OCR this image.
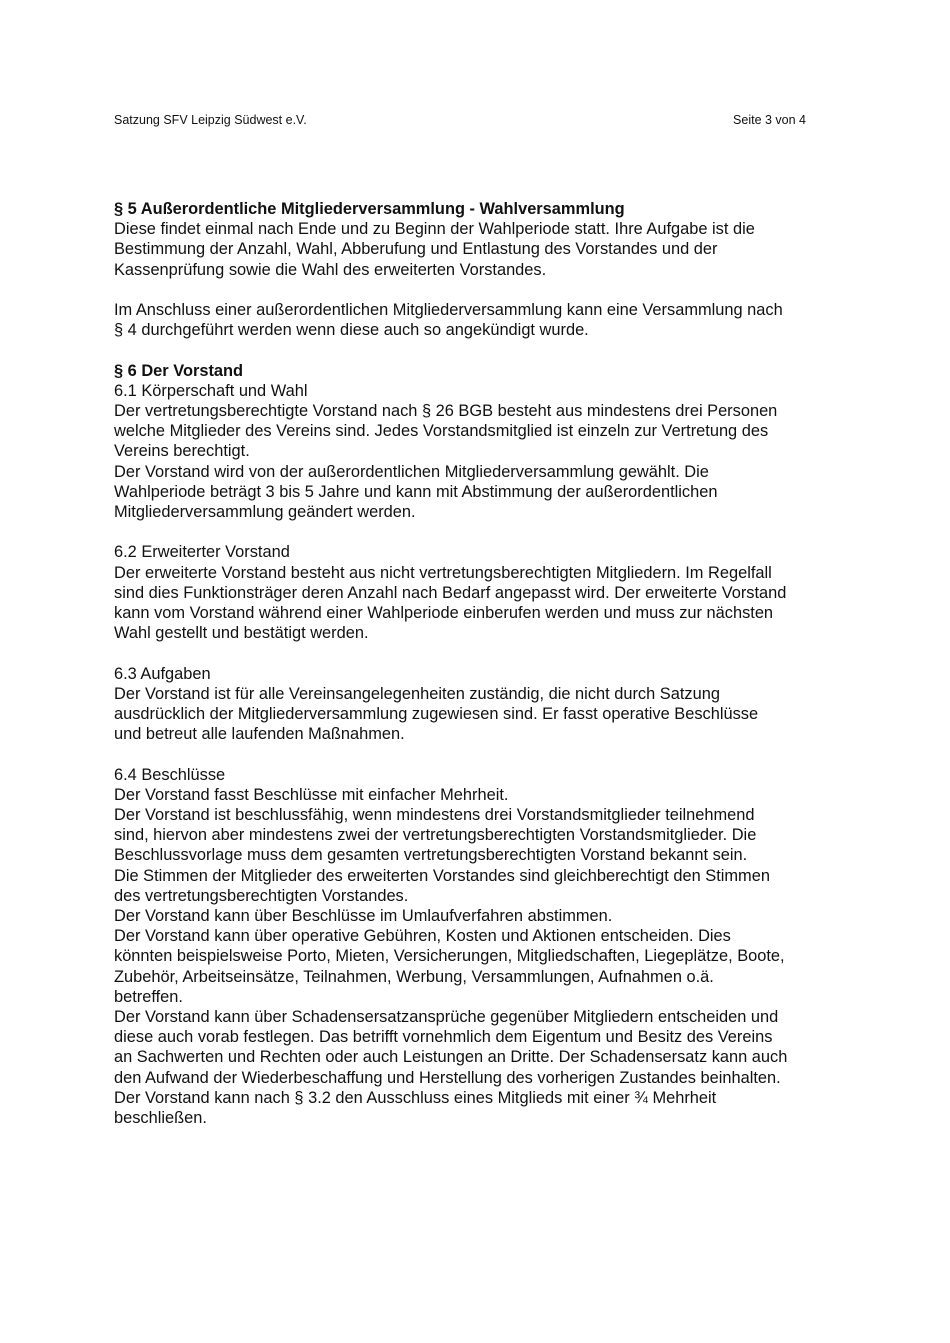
Satzung SFV Leipzig Südwest e.V.	Seite 3 von 4

§ 5 Außerordentliche Mitgliederversammlung - Wahlversammlung

Diese findet einmal nach Ende und zu Beginn der Wahlperiode statt. Ihre Aufgabe ist die
Bestimmung der Anzahl, Wahl, Abberufung und Entlastung des Vorstandes und der
Kassenprüfung sowie die Wahl des erweiterten Vorstandes.

Im Anschluss einer außerordentlichen Mitgliederversammlung kann eine Versammlung nach
§ 4 durchgeführt werden wenn diese auch so angekündigt wurde.

§ 6 Der Vorstand

6.1 Körperschaft und Wahl

Der vertretungsberechtigte Vorstand nach § 26 BGB besteht aus mindestens drei Personen
welche Mitglieder des Vereins sind. Jedes Vorstandsmitglied ist einzeln zur Vertretung des
Vereins berechtigt.
Der Vorstand wird von der außerordentlichen Mitgliederversammlung gewählt. Die
Wahlperiode beträgt 3 bis 5 Jahre und kann mit Abstimmung der außerordentlichen
Mitgliederversammlung geändert werden.

6.2 Erweiterter Vorstand

Der erweiterte Vorstand besteht aus nicht vertretungsberechtigten Mitgliedern. Im Regelfall
sind dies Funktionsträger deren Anzahl nach Bedarf angepasst wird. Der erweiterte Vorstand
kann vom Vorstand während einer Wahlperiode einberufen werden und muss zur nächsten
Wahl gestellt und bestätigt werden.

6.3 Aufgaben

Der Vorstand ist für alle Vereinsangelegenheiten zuständig, die nicht durch Satzung
ausdrücklich der Mitgliederversammlung zugewiesen sind. Er fasst operative Beschlüsse
und betreut alle laufenden Maßnahmen.

6.4 Beschlüsse

Der Vorstand fasst Beschlüsse mit einfacher Mehrheit.
Der Vorstand ist beschlussfähig, wenn mindestens drei Vorstandsmitglieder teilnehmend
sind, hiervon aber mindestens zwei der vertretungsberechtigten Vorstandsmitglieder. Die
Beschlussvorlage muss dem gesamten vertretungsberechtigten Vorstand bekannt sein.
Die Stimmen der Mitglieder des erweiterten Vorstandes sind gleichberechtigt den Stimmen
des vertretungsberechtigten Vorstandes.
Der Vorstand kann über Beschlüsse im Umlaufverfahren abstimmen.
Der Vorstand kann über operative Gebühren, Kosten und Aktionen entscheiden. Dies
könnten beispielsweise Porto, Mieten, Versicherungen, Mitgliedschaften, Liegeplätze, Boote,
Zubehör, Arbeitseinsätze, Teilnahmen, Werbung, Versammlungen, Aufnahmen o.ä.
betreffen.
Der Vorstand kann über Schadensersatzansprüche gegenüber Mitgliedern entscheiden und
diese auch vorab festlegen. Das betrifft vornehmlich dem Eigentum und Besitz des Vereins
an Sachwerten und Rechten oder auch Leistungen an Dritte. Der Schadensersatz kann auch
den Aufwand der Wiederbeschaffung und Herstellung des vorherigen Zustandes beinhalten.
Der Vorstand kann nach § 3.2 den Ausschluss eines Mitglieds mit einer ¾ Mehrheit
beschließen.
